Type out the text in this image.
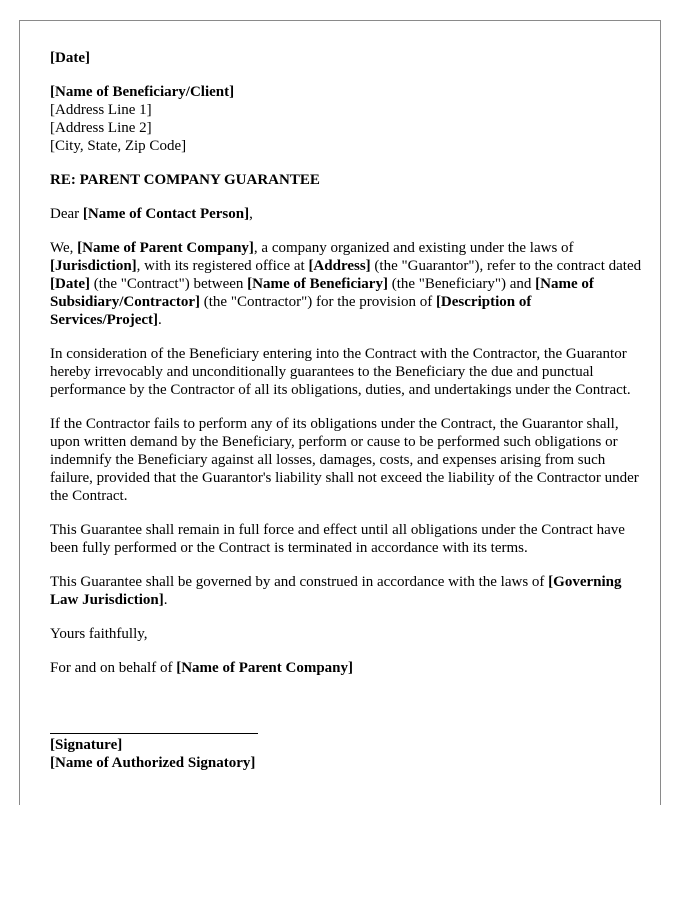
[Date]

[Name of Beneficiary/Client]
[Address Line 1]
[Address Line 2]
[City, State, Zip Code]

RE: PARENT COMPANY GUARANTEE

Dear [Name of Contact Person],

We, [Name of Parent Company], a company organized and existing under the laws of [Jurisdiction], with its registered office at [Address] (the "Guarantor"), refer to the contract dated [Date] (the "Contract") between [Name of Beneficiary] (the "Beneficiary") and [Name of Subsidiary/Contractor] (the "Contractor") for the provision of [Description of Services/Project].

In consideration of the Beneficiary entering into the Contract with the Contractor, the Guarantor hereby irrevocably and unconditionally guarantees to the Beneficiary the due and punctual performance by the Contractor of all its obligations, duties, and undertakings under the Contract.

If the Contractor fails to perform any of its obligations under the Contract, the Guarantor shall, upon written demand by the Beneficiary, perform or cause to be performed such obligations or indemnify the Beneficiary against all losses, damages, costs, and expenses arising from such failure, provided that the Guarantor's liability shall not exceed the liability of the Contractor under the Contract.

This Guarantee shall remain in full force and effect until all obligations under the Contract have been fully performed or the Contract is terminated in accordance with its terms.

This Guarantee shall be governed by and construed in accordance with the laws of [Governing Law Jurisdiction].

Yours faithfully,

For and on behalf of [Name of Parent Company]

[Signature]

[Name of Authorized Signatory]
